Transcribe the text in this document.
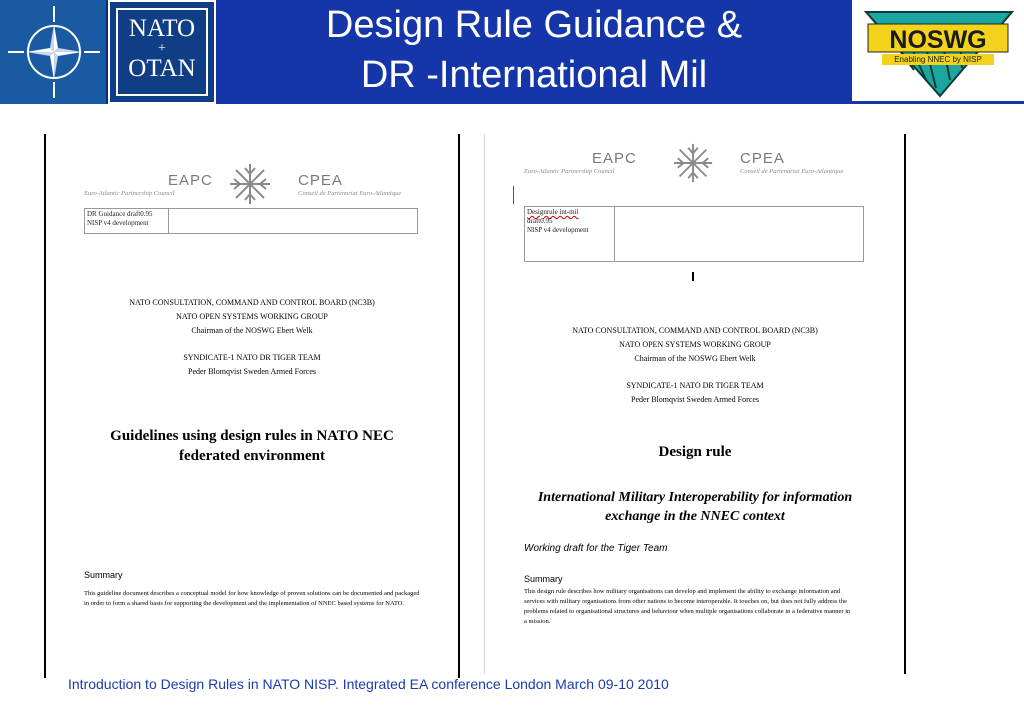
NATO
+
OTAN
Design Rule Guidance &
DR -International Mil
NOSWG
Enabling NNEC by NISP
EAPC
Euro-Atlantic Partnership Council
CPEA
Conseil de Partenariat Euro-Atlantique
DR Guidance draft0.95
NISP v4 development
NATO CONSULTATION, COMMAND AND CONTROL BOARD (NC3B)
NATO OPEN SYSTEMS WORKING GROUP
Chairman of the NOSWG Ebert Welk
SYNDICATE-1 NATO DR TIGER TEAM
Peder Blomqvist Sweden Armed Forces
Guidelines using design rules in NATO NEC federated environment
Summary
This guideline document describes a conceptual model for how knowledge of proven solutions can be documented and packaged in order to form a shared basis for supporting the development and the implementation of NNEC based systems for NATO.
EAPC
Euro-Atlantic Partnership Council
CPEA
Conseil de Partenariat Euro-Atlantique
Designrule int-mil
draft0.95
NISP v4 development
NATO CONSULTATION, COMMAND AND CONTROL BOARD (NC3B)
NATO OPEN SYSTEMS WORKING GROUP
Chairman of the NOSWG Ebert Welk
SYNDICATE-1 NATO DR TIGER TEAM
Peder Blomqvist Sweden Armed Forces
Design rule
International Military Interoperability for information exchange in the NNEC context
Working draft for the Tiger Team
Summary
This design rule describes how military organisations can develop and implement the ability to exchange information and services with military organisations from other nations to become interoperable. It touches on, but does not fully address the problems related to organisational structures and behaviour when multiple organisations collaborate in a federative manner in a mission.
Introduction to Design Rules in NATO NISP. Integrated EA conference London March 09-10 2010
